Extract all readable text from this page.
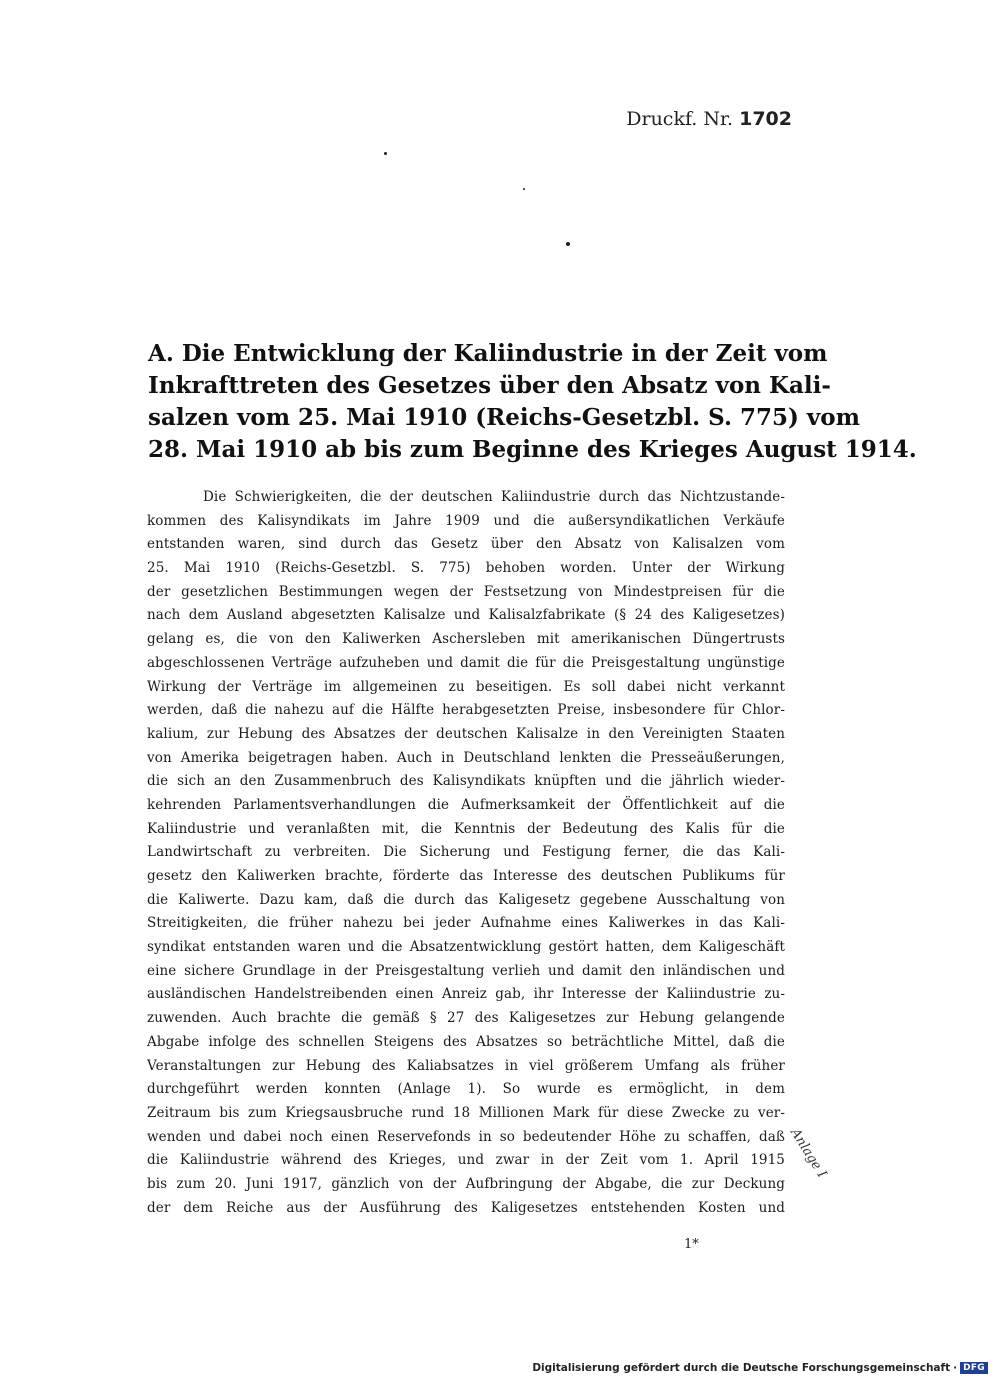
Druckf. Nr. 1702
A. Die Entwicklung der Kaliindustrie in der Zeit vom
Inkrafttreten des Gesetzes über den Absatz von Kali-
salzen vom 25. Mai 1910 (Reichs-Gesetzbl. S. 775) vom
28. Mai 1910 ab bis zum Beginne des Krieges August 1914.
Die Schwierigkeiten, die der deutschen Kaliindustrie durch das Nichtzustande-
kommen des Kalisyndikats im Jahre 1909 und die außersyndikatlichen Verkäufe
entstanden waren, sind durch das Gesetz über den Absatz von Kalisalzen vom
25. Mai 1910 (Reichs-Gesetzbl. S. 775) behoben worden. Unter der Wirkung
der gesetzlichen Bestimmungen wegen der Festsetzung von Mindestpreisen für die
nach dem Ausland abgesetzten Kalisalze und Kalisalzfabrikate (§ 24 des Kaligesetzes)
gelang es, die von den Kaliwerken Aschersleben mit amerikanischen Düngertrusts
abgeschlossenen Verträge aufzuheben und damit die für die Preisgestaltung ungünstige
Wirkung der Verträge im allgemeinen zu beseitigen. Es soll dabei nicht verkannt
werden, daß die nahezu auf die Hälfte herabgesetzten Preise, insbesondere für Chlor-
kalium, zur Hebung des Absatzes der deutschen Kalisalze in den Vereinigten Staaten
von Amerika beigetragen haben. Auch in Deutschland lenkten die Presseäußerungen,
die sich an den Zusammenbruch des Kalisyndikats knüpften und die jährlich wieder-
kehrenden Parlamentsverhandlungen die Aufmerksamkeit der Öffentlichkeit auf die
Kaliindustrie und veranlaßten mit, die Kenntnis der Bedeutung des Kalis für die
Landwirtschaft zu verbreiten. Die Sicherung und Festigung ferner, die das Kali-
gesetz den Kaliwerken brachte, förderte das Interesse des deutschen Publikums für
die Kaliwerte. Dazu kam, daß die durch das Kaligesetz gegebene Ausschaltung von
Streitigkeiten, die früher nahezu bei jeder Aufnahme eines Kaliwerkes in das Kali-
syndikat entstanden waren und die Absatzentwicklung gestört hatten, dem Kaligeschäft
eine sichere Grundlage in der Preisgestaltung verlieh und damit den inländischen und
ausländischen Handelstreibenden einen Anreiz gab, ihr Interesse der Kaliindustrie zu-
zuwenden. Auch brachte die gemäß § 27 des Kaligesetzes zur Hebung gelangende
Abgabe infolge des schnellen Steigens des Absatzes so beträchtliche Mittel, daß die
Veranstaltungen zur Hebung des Kaliabsatzes in viel größerem Umfang als früher
durchgeführt werden konnten (Anlage 1). So wurde es ermöglicht, in dem
Zeitraum bis zum Kriegsausbruche rund 18 Millionen Mark für diese Zwecke zu ver-
wenden und dabei noch einen Reservefonds in so bedeutender Höhe zu schaffen, daß
die Kaliindustrie während des Krieges, und zwar in der Zeit vom 1. April 1915
bis zum 20. Juni 1917, gänzlich von der Aufbringung der Abgabe, die zur Deckung
der dem Reiche aus der Ausführung des Kaligesetzes entstehenden Kosten und
Anlage I
1*
Digitalisierung gefördert durch die Deutsche Forschungsgemeinschaft · DFG
